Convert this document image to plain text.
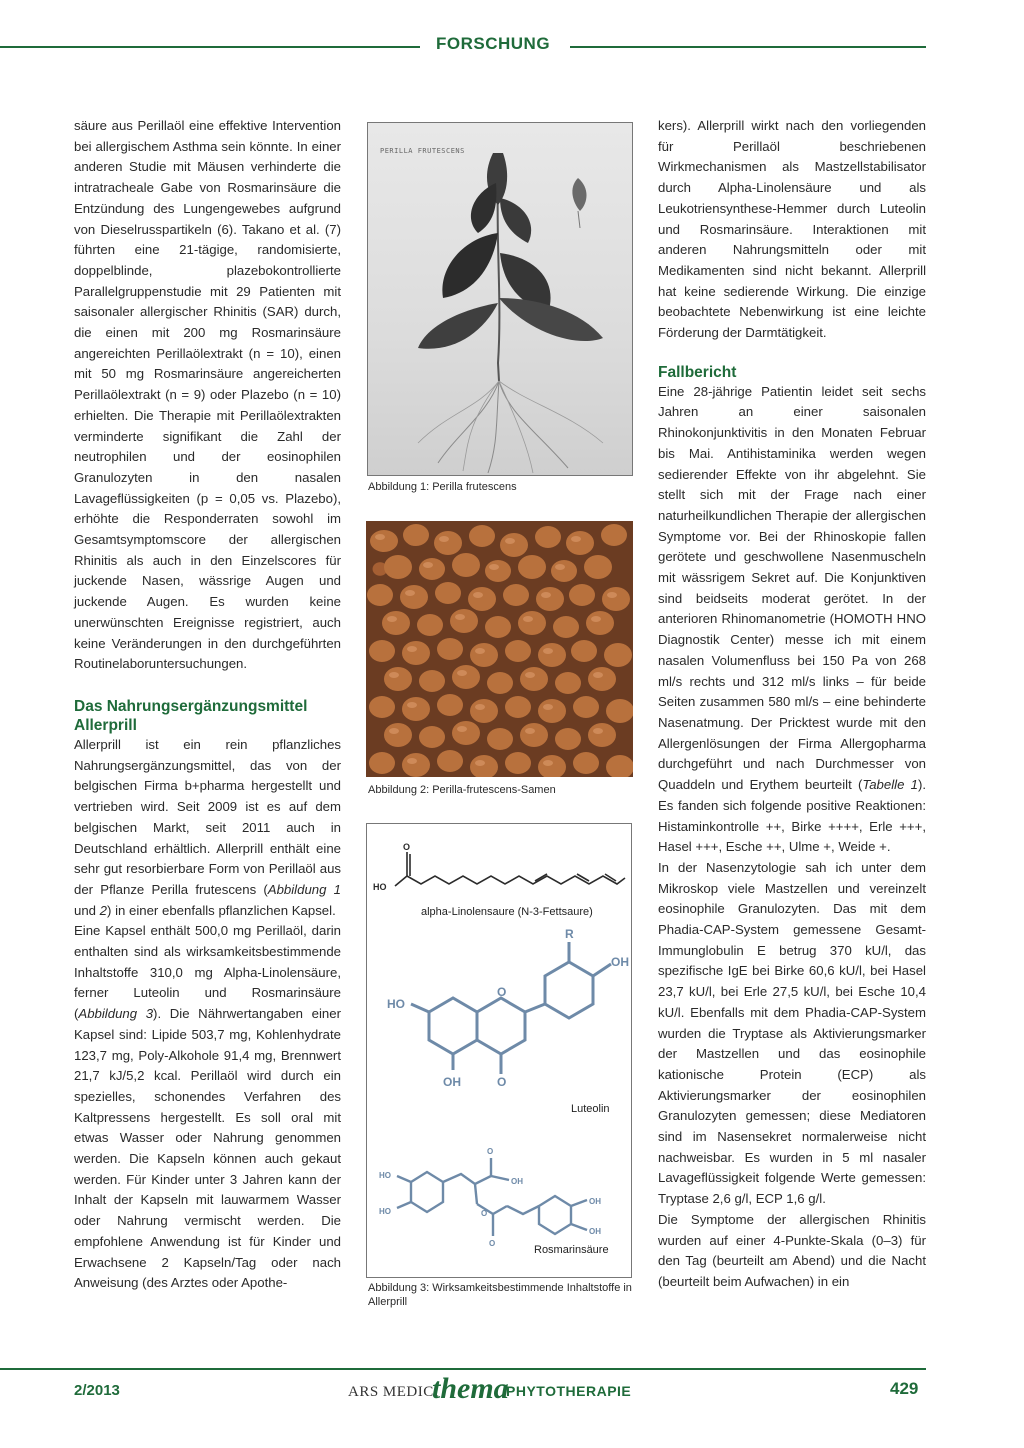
FORSCHUNG

säure aus Perillaöl eine effektive Intervention bei allergischem Asthma sein könnte. In einer anderen Studie mit Mäusen verhinderte die intratracheale Gabe von Rosmarinsäure die Entzündung des Lungengewebes aufgrund von Dieselrusspartikeln (6). Takano et al. (7) führten eine 21-tägige, randomisierte, doppelblinde, plazebokontrollierte Parallelgruppenstudie mit 29 Patienten mit saisonaler allergischer Rhinitis (SAR) durch, die einen mit 200 mg Rosmarinsäure angereichten Perillaölextrakt (n = 10), einen mit 50 mg Rosmarinsäure angereicherten Perillaölextrakt (n = 9) oder Plazebo (n = 10) erhielten. Die Therapie mit Perillaölextrakten verminderte signifikant die Zahl der neutrophilen und der eosinophilen Granulozyten in den nasalen Lavageflüssigkeiten (p = 0,05 vs. Plazebo), erhöhte die Responderraten sowohl im Gesamtsymptomscore der allergischen Rhinitis als auch in den Einzelscores für juckende Nasen, wässrige Augen und juckende Augen. Es wurden keine unerwünschten Ereignisse registriert, auch keine Veränderungen in den durchgeführten Routinelaboruntersuchungen.

Das Nahrungsergänzungsmittel Allerprill

Allerprill ist ein rein pflanzliches Nahrungsergänzungsmittel, das von der belgischen Firma b+pharma hergestellt und vertrieben wird. Seit 2009 ist es auf dem belgischen Markt, seit 2011 auch in Deutschland erhältlich. Allerprill enthält eine sehr gut resorbierbare Form von Perillaöl aus der Pflanze Perilla frutescens (Abbildung 1 und 2) in einer ebenfalls pflanzlichen Kapsel.

Eine Kapsel enthält 500,0 mg Perillaöl, darin enthalten sind als wirksamkeitsbestimmende Inhaltstoffe 310,0 mg Alpha-Linolensäure, ferner Luteolin und Rosmarinsäure (Abbildung 3). Die Nährwertangaben einer Kapsel sind: Lipide 503,7 mg, Kohlenhydrate 123,7 mg, Poly-Alkohole 91,4 mg, Brennwert 21,7 kJ/5,2 kcal. Perillaöl wird durch ein spezielles, schonendes Verfahren des Kaltpressens hergestellt. Es soll oral mit etwas Wasser oder Nahrung genommen werden. Die Kapseln können auch gekaut werden. Für Kinder unter 3 Jahren kann der Inhalt der Kapseln mit lauwarmem Wasser oder Nahrung vermischt werden. Die empfohlene Anwendung ist für Kinder und Erwachsene 2 Kapseln/Tag oder nach Anweisung (des Arztes oder Apothe-

PERILLA FRUTESCENS
Abbildung 1: Perilla frutescens
Abbildung 2: Perilla-frutescens-Samen
O
HO
alpha-Linolensaure (N-3-Fettsaure)
HO
O
R
OH
OH	O
Luteolin
HO
HO
O
OH
O
O
OH
OH
Rosmarinsäure
Abbildung 3: Wirksamkeitsbestimmende Inhaltstoffe in Allerprill

kers). Allerprill wirkt nach den vorliegenden für Perillaöl beschriebenen Wirkmechanismen als Mastzellstabilisator durch Alpha-Linolensäure und als Leukotriensynthese-Hemmer durch Luteolin und Rosmarinsäure. Interaktionen mit anderen Nahrungsmitteln oder mit Medikamenten sind nicht bekannt. Allerprill hat keine sedierende Wirkung. Die einzige beobachtete Nebenwirkung ist eine leichte Förderung der Darmtätigkeit.

Fallbericht

Eine 28-jährige Patientin leidet seit sechs Jahren an einer saisonalen Rhinokonjunktivitis in den Monaten Februar bis Mai. Antihistaminika werden wegen sedierender Effekte von ihr abgelehnt. Sie stellt sich mit der Frage nach einer naturheilkundlichen Therapie der allergischen Symptome vor. Bei der Rhinoskopie fallen gerötete und geschwollene Nasenmuscheln mit wässrigem Sekret auf. Die Konjunktiven sind beidseits moderat gerötet. In der anterioren Rhinomanometrie (HOMOTH HNO Diagnostik Center) messe ich mit einem nasalen Volumenfluss bei 150 Pa von 268 ml/s rechts und 312 ml/s links – für beide Seiten zusammen 580 ml/s – eine behinderte Nasenatmung. Der Pricktest wurde mit den Allergenlösungen der Firma Allergopharma durchgeführt und nach Durchmesser von Quaddeln und Erythem beurteilt (Tabelle 1). Es fanden sich folgende positive Reaktionen: Histaminkontrolle ++, Birke ++++, Erle +++, Hasel +++, Esche ++, Ulme +, Weide +.

In der Nasenzytologie sah ich unter dem Mikroskop viele Mastzellen und vereinzelt eosinophile Granulozyten. Das mit dem Phadia-CAP-System gemessene Gesamt-Immunglobulin E betrug 370 kU/l, das spezifische IgE bei Birke 60,6 kU/l, bei Hasel 23,7 kU/l, bei Erle 27,5 kU/l, bei Esche 10,4 kU/l. Ebenfalls mit dem Phadia-CAP-System wurden die Tryptase als Aktivierungsmarker der Mastzellen und das eosinophile kationische Protein (ECP) als Aktivierungsmarker der eosinophilen Granulozyten gemessen; diese Mediatoren sind im Nasensekret normalerweise nicht nachweisbar. Es wurden in 5 ml nasaler Lavageflüssigkeit folgende Werte gemessen: Tryptase 2,6 g/l, ECP 1,6 g/l.

Die Symptome der allergischen Rhinitis wurden auf einer 4-Punkte-Skala (0–3) für den Tag (beurteilt am Abend) und die Nacht (beurteilt beim Aufwachen) in ein

2/2013	ARS MEDICI
thema
PHYTOTHERAPIE	429
